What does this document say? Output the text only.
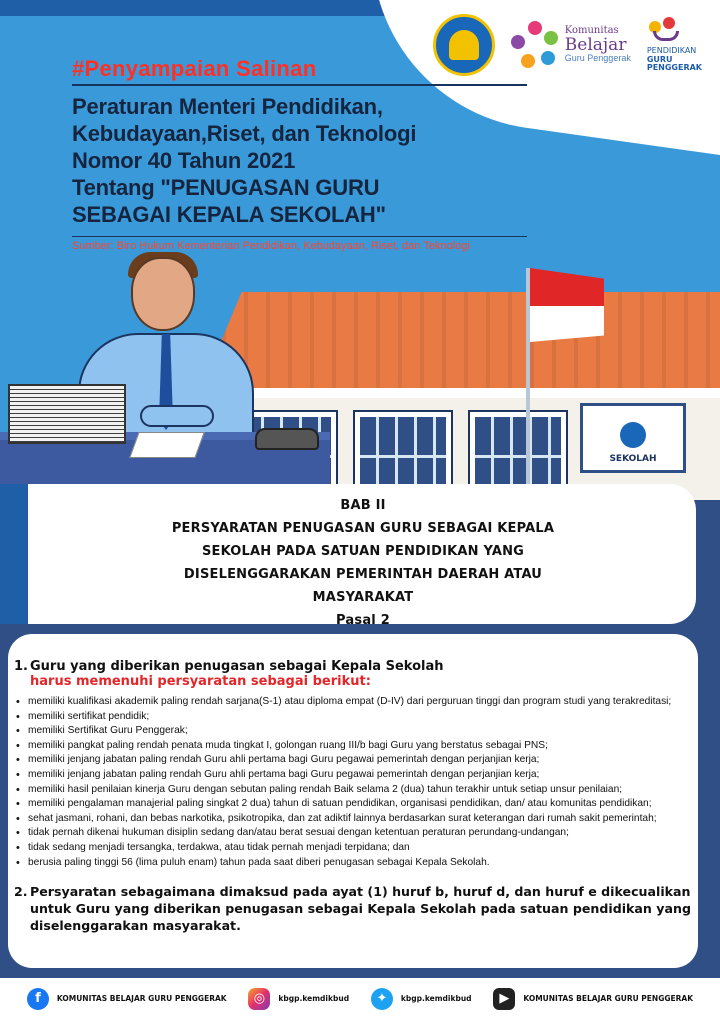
SEKOLAH
Komunitas
Belajar
Guru Penggerak
PENDIDIKAN
GURU
PENGGERAK
#Penyampaian Salinan
Peraturan Menteri Pendidikan,
Kebudayaan,Riset, dan Teknologi
Nomor 40 Tahun 2021
Tentang "PENUGASAN GURU
SEBAGAI KEPALA SEKOLAH"
Sumber: Biro Hukum Kementerian Pendidikan, Kebudayaan, Riset, dan Teknologi
BAB II
PERSYARATAN PENUGASAN GURU SEBAGAI KEPALA
SEKOLAH PADA SATUAN PENDIDIKAN YANG
DISELENGGARAKAN PEMERINTAH DAERAH ATAU
MASYARAKAT
Pasal 2
1. Guru yang diberikan penugasan sebagai Kepala Sekolah
harus memenuhi persyaratan sebagai berikut:
• memiliki kualifikasi akademik paling rendah sarjana(S-1) atau diploma empat (D-IV) dari perguruan tinggi dan program studi yang terakreditasi;
• memiliki sertifikat pendidik;
• memiliki Sertifikat Guru Penggerak;
• memiliki pangkat paling rendah penata muda tingkat I, golongan ruang III/b bagi Guru yang berstatus sebagai PNS;
• memiliki jenjang jabatan paling rendah Guru ahli pertama bagi Guru pegawai pemerintah dengan perjanjian kerja;
• memiliki jenjang jabatan paling rendah Guru ahli pertama bagi Guru pegawai pemerintah dengan perjanjian kerja;
• memiliki hasil penilaian kinerja Guru dengan sebutan paling rendah Baik selama 2 (dua) tahun terakhir untuk setiap unsur penilaian;
• memiliki pengalaman manajerial paling singkat 2 dua) tahun di satuan pendidikan, organisasi pendidikan, dan/ atau komunitas pendidikan;
• sehat jasmani, rohani, dan bebas narkotika, psikotropika, dan zat adiktif lainnya berdasarkan surat keterangan dari rumah sakit pemerintah;
• tidak pernah dikenai hukuman disiplin sedang dan/atau berat sesuai dengan ketentuan peraturan perundang-undangan;
• tidak sedang menjadi tersangka, terdakwa, atau tidak pernah menjadi terpidana; dan
• berusia paling tinggi 56 (lima puluh enam) tahun pada saat diberi penugasan sebagai Kepala Sekolah.
2. Persyaratan sebagaimana dimaksud pada ayat (1) huruf b, huruf d, dan huruf e dikecualikan
untuk Guru yang diberikan penugasan sebagai Kepala Sekolah pada satuan pendidikan yang
diselenggarakan masyarakat.
f	KOMUNITAS BELAJAR GURU PENGGERAK	◎	kbgp.kemdikbud	✦	kbgp.kemdikbud	▶	KOMUNITAS BELAJAR GURU PENGGERAK
